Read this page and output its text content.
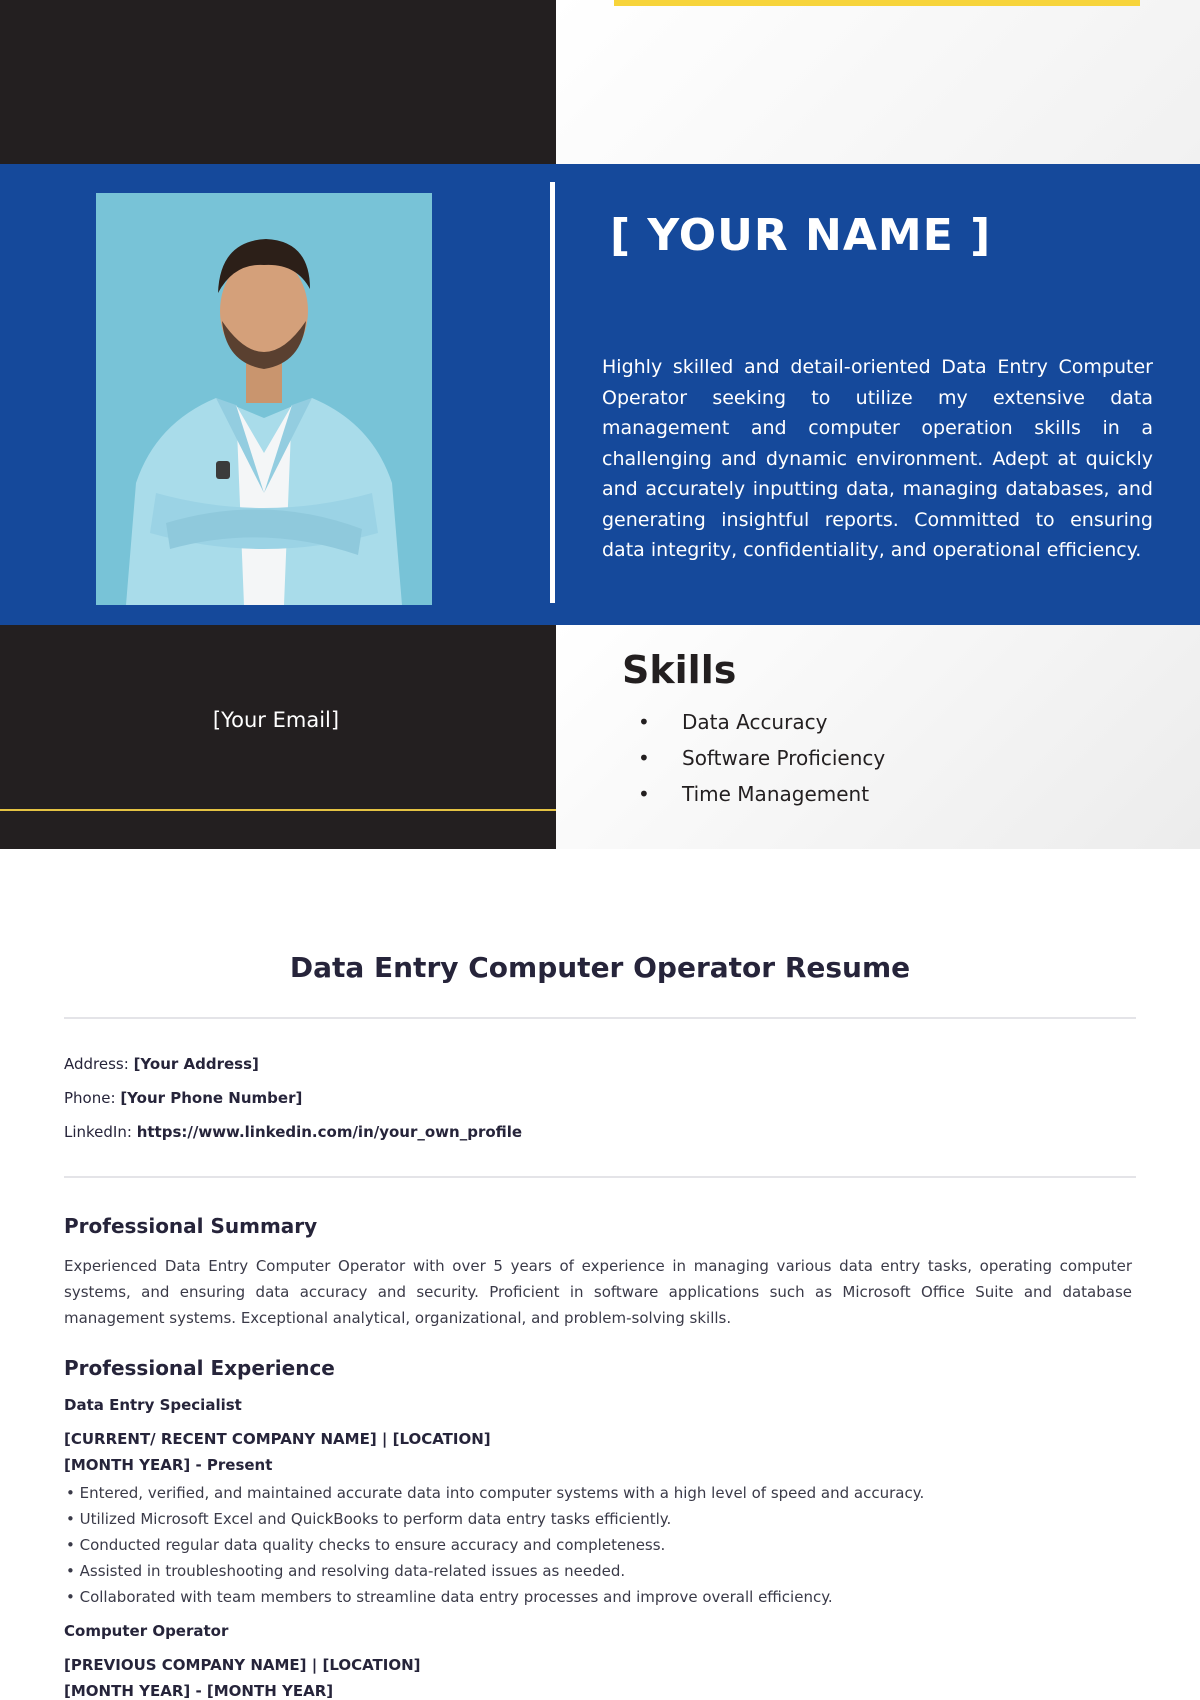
[ YOUR NAME ]
Highly skilled and detail-oriented Data Entry Computer Operator seeking to utilize my extensive data management and computer operation skills in a challenging and dynamic environment. Adept at quickly and accurately inputting data, managing databases, and generating insightful reports. Committed to ensuring data integrity, confidentiality, and operational efficiency.
[Your Email]
Skills
• Data Accuracy
• Software Proficiency
• Time Management
Data Entry Computer Operator Resume
Address: [Your Address]
Phone: [Your Phone Number]
LinkedIn: https://www.linkedin.com/in/your_own_profile
Professional Summary
Experienced Data Entry Computer Operator with over 5 years of experience in managing various data entry tasks, operating computer systems, and ensuring data accuracy and security. Proficient in software applications such as Microsoft Office Suite and database management systems. Exceptional analytical, organizational, and problem-solving skills.
Professional Experience
Data Entry Specialist
[CURRENT/ RECENT COMPANY NAME] | [LOCATION]
[MONTH YEAR] - Present
• Entered, verified, and maintained accurate data into computer systems with a high level of speed and accuracy.
• Utilized Microsoft Excel and QuickBooks to perform data entry tasks efficiently.
• Conducted regular data quality checks to ensure accuracy and completeness.
• Assisted in troubleshooting and resolving data-related issues as needed.
• Collaborated with team members to streamline data entry processes and improve overall efficiency.
Computer Operator
[PREVIOUS COMPANY NAME] | [LOCATION]
[MONTH YEAR] - [MONTH YEAR]
